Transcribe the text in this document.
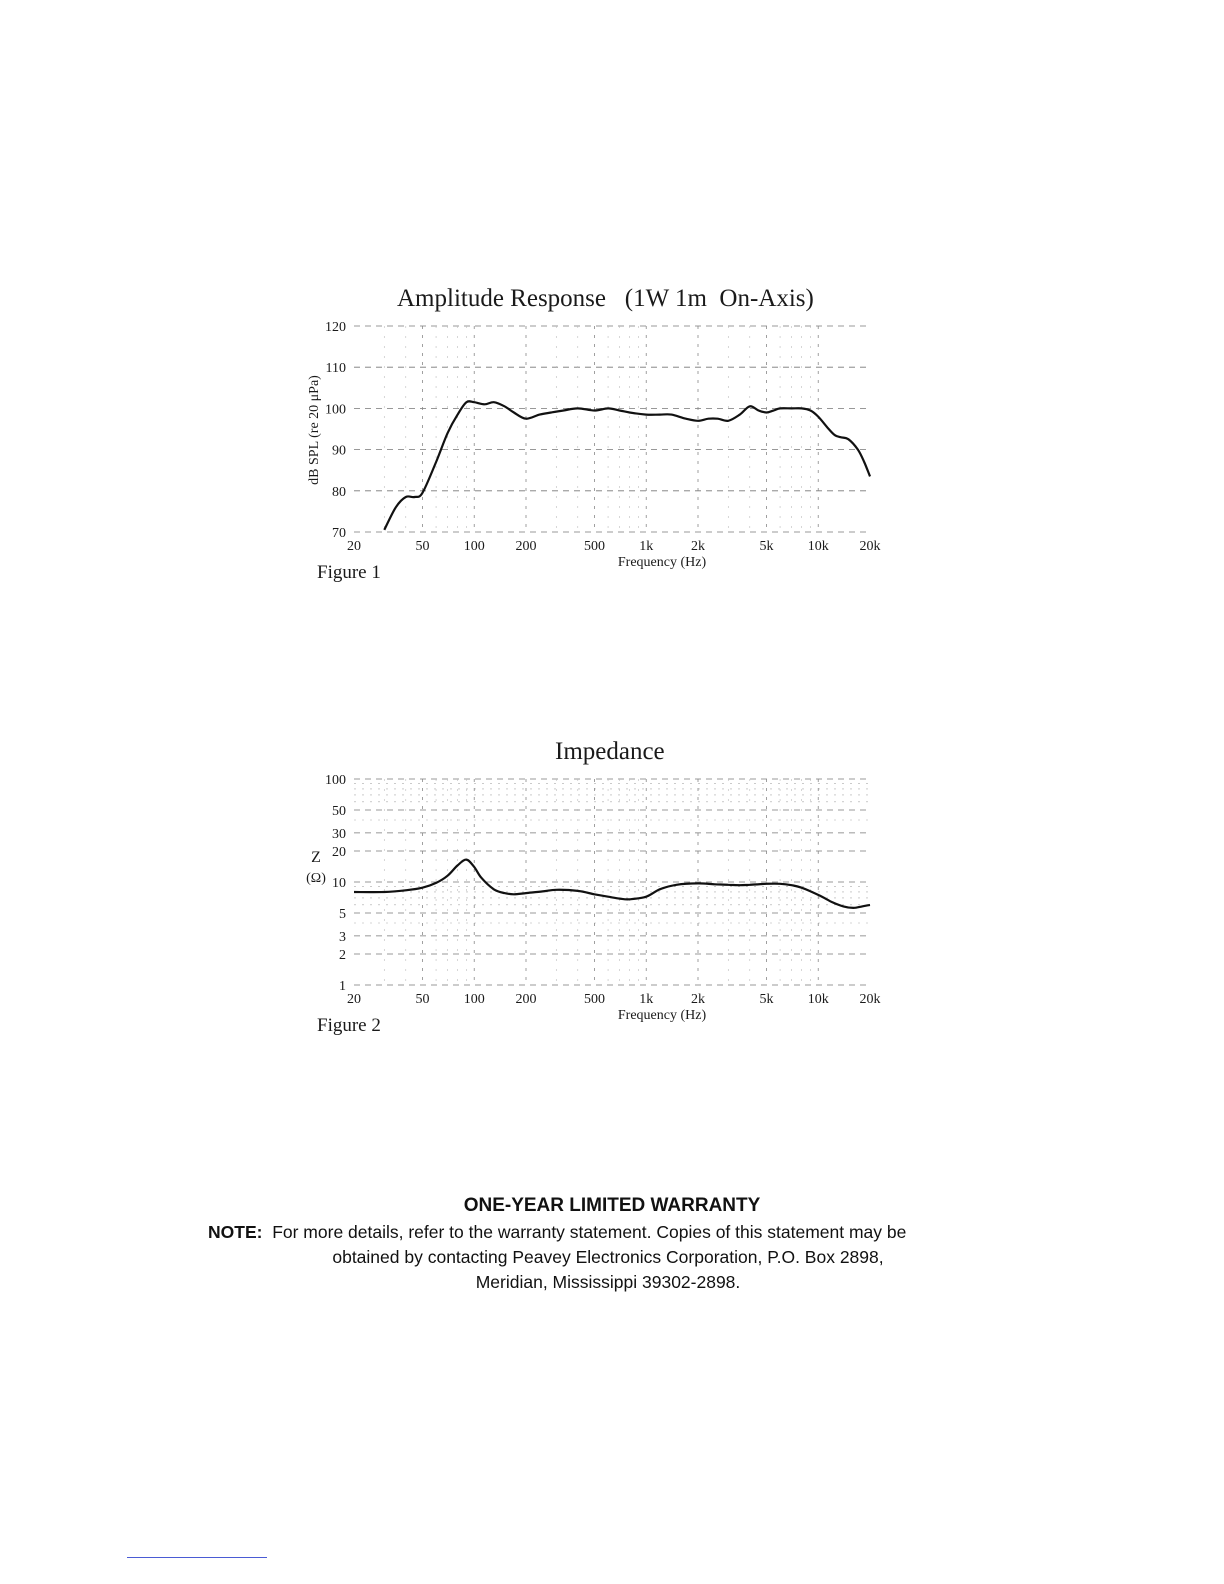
Amplitude Response   (1W 1m  On-Axis)
70
80
90
100
110
120
20	50 100 200	500 1k	2k	5k 10k 20k
Frequency (Hz)
dB SPL (re 20 μPa)
Figure 1
Impedance
1
2
3
5
10
20
30
50
100
20	50 100 200	500 1k	2k	5k 10k 20k
Frequency (Hz)
Z (Ω)
Figure 2
ONE-YEAR LIMITED WARRANTY
NOTE: For more details, refer to the warranty statement. Copies of this statement may be
obtained by contacting Peavey Electronics Corporation, P.O. Box 2898,
Meridian, Mississippi 39302-2898.
